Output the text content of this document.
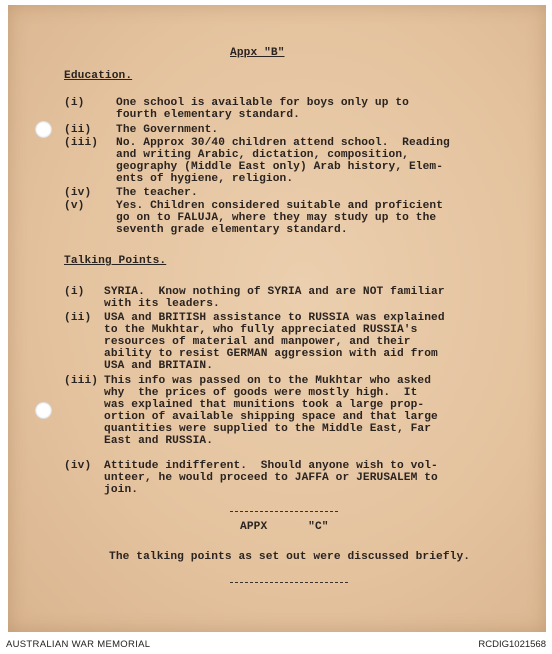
Appx "B"
Education.
(i)	One school is available for boys only up to
fourth elementary standard.
(ii) The Government.
(iii) No. Approx 30/40 children attend school.  Reading
and writing Arabic, dictation, composition,
geography (Middle East only) Arab history, Elem-
ents of hygiene, religion.
(iv) The teacher.
(v)	Yes. Children considered suitable and proficient
go on to FALUJA, where they may study up to the
seventh grade elementary standard.
Talking Points.
(i) SYRIA.  Know nothing of SYRIA and are NOT familiar
with its leaders.
(ii) USA and BRITISH assistance to RUSSIA was explained
to the Mukhtar, who fully appreciated RUSSIA's
resources of material and manpower, and their
ability to resist GERMAN aggression with aid from
USA and BRITAIN.
(iii) This info was passed on to the Mukhtar who asked
why  the prices of goods were mostly high.  It
was explained that munitions took a large prop-
ortion of available shipping space and that large
quantities were supplied to the Middle East, Far
East and RUSSIA.
(iv) Attitude indifferent.  Should anyone wish to vol-
unteer, he would proceed to JAFFA or JERUSALEM to
join.
APPX      "C"
The talking points as set out were discussed briefly.
AUSTRALIAN WAR MEMORIAL	RCDIG1021568
